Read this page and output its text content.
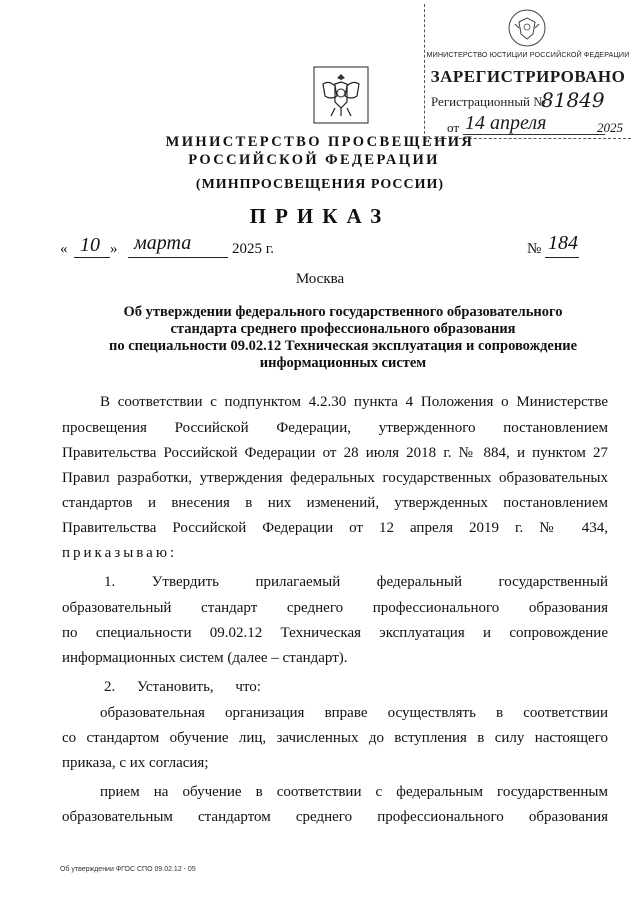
МИНИСТЕРСТВО ЮСТИЦИИ РОССИЙСКОЙ ФЕДЕРАЦИИ
ЗАРЕГИСТРИРОВАНО
Регистрационный №
81849
от 14 апреля	2025
МИНИСТЕРСТВО ПРОСВЕЩЕНИЯ
РОССИЙСКОЙ ФЕДЕРАЦИИ
(МИНПРОСВЕЩЕНИЯ РОССИИ)
ПРИКАЗ
« 10 » марта	2025 г.	№ 184
Москва
Об утверждении федерального государственного образовательного
стандарта среднего профессионального образования
по специальности 09.02.12 Техническая эксплуатация и сопровождение
информационных систем
В соответствии с подпунктом 4.2.30 пункта 4 Положения о Министерстве
просвещения Российской Федерации, утвержденного постановлением
Правительства Российской Федерации от 28 июля 2018 г. № 884, и пунктом 27
Правил разработки, утверждения федеральных государственных образовательных
стандартов и внесения в них изменений, утвержденных постановлением
Правительства Российской Федерации от 12 апреля 2019 г. № 434,
приказываю:
1. Утвердить прилагаемый федеральный государственный
образовательный стандарт среднего профессионального образования
по специальности 09.02.12 Техническая эксплуатация и сопровождение
информационных систем (далее – стандарт).
2. Установить, что:
образовательная организация вправе осуществлять в соответствии
со стандартом обучение лиц, зачисленных до вступления в силу настоящего
приказа, с их согласия;
прием на обучение в соответствии с федеральным государственным
образовательным стандартом среднего профессионального образования
Об утверждении ФГОС СПО 09.02.12 - 05
